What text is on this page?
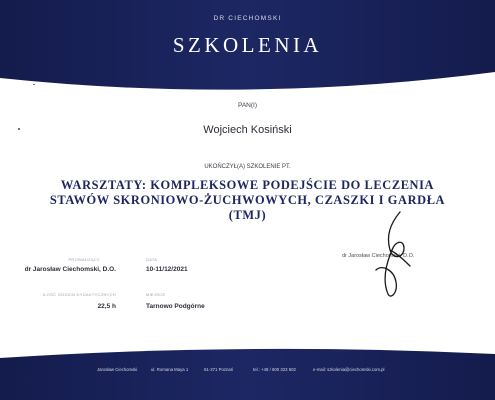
DR CIECHOMSKI
SZKOLENIA
PAN(I)
Wojciech Kosiński
UKOŃCZYŁ(A) SZKOLENIE PT.
WARSZTATY: KOMPLEKSOWE PODEJŚCIE DO LECZENIA
STAWÓW SKRONIOWO-ŻUCHWOWYCH, CZASZKI I GARDŁA
(TMJ)
PROWADZĄCY
dr Jarosław Ciechomski, D.O.
DATA
10-11/12/2021
ILOŚĆ GODZIN DYDAKTYCZNYCH
22,5 h
MIEJSCE
Tarnowo Podgórne
dr Jarosław Ciechomski, D.O.
Jarosław Ciechomski	ul. Romana Maya 1	61-371 Poznań	tel.: +48 / 600 323 502	e-mail: szkolenia@ciechomski.com.pl
